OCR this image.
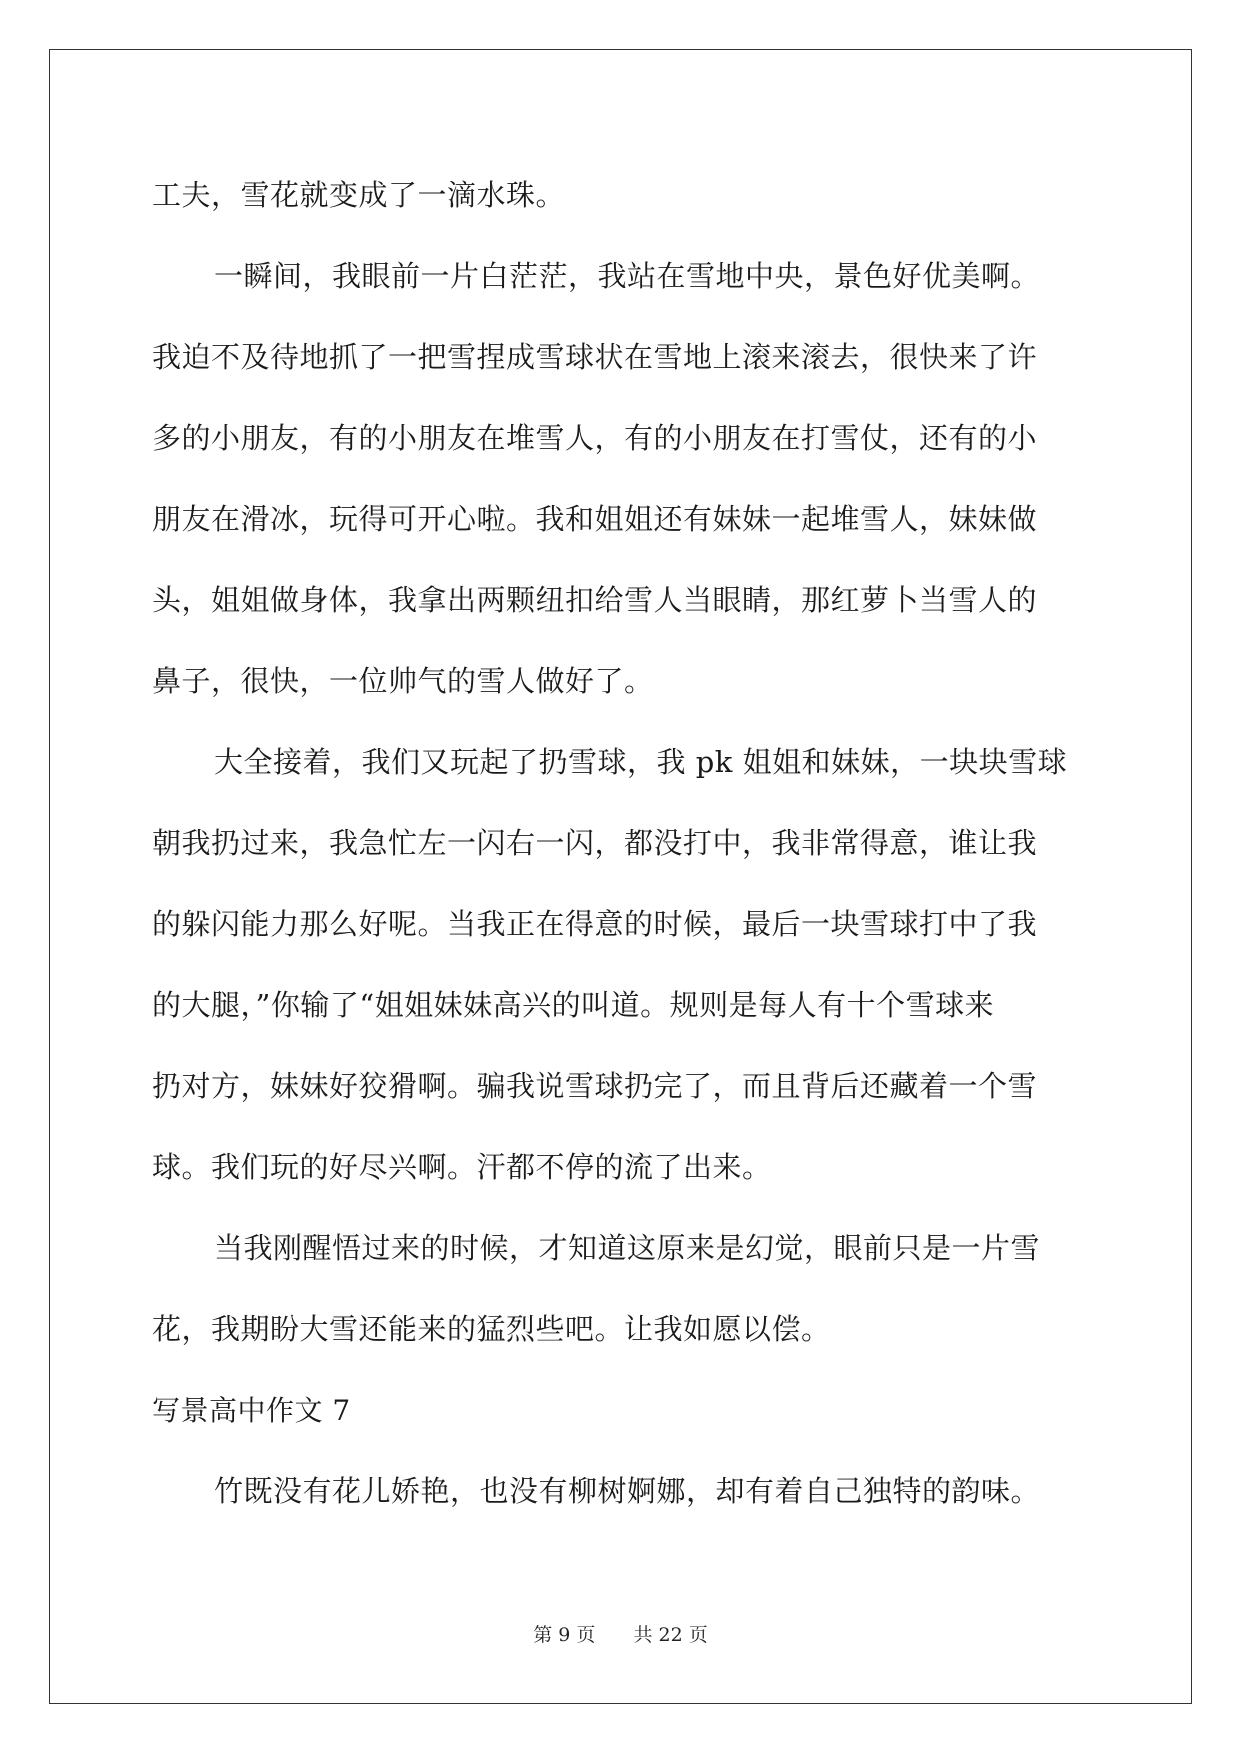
工夫，雪花就变成了一滴水珠。
一瞬间，我眼前一片白茫茫，我站在雪地中央，景色好优美啊。
我迫不及待地抓了一把雪捏成雪球状在雪地上滚来滚去，很快来了许
多的小朋友，有的小朋友在堆雪人，有的小朋友在打雪仗，还有的小
朋友在滑冰，玩得可开心啦。我和姐姐还有妹妹一起堆雪人，妹妹做
头，姐姐做身体，我拿出两颗纽扣给雪人当眼睛，那红萝卜当雪人的
鼻子，很快，一位帅气的雪人做好了。
大全接着，我们又玩起了扔雪球，我 pk 姐姐和妹妹，一块块雪球
朝我扔过来，我急忙左一闪右一闪，都没打中，我非常得意，谁让我
的躲闪能力那么好呢。当我正在得意的时候，最后一块雪球打中了我
的大腿，”你输了“姐姐妹妹高兴的叫道。规则是每人有十个雪球来
扔对方，妹妹好狡猾啊。骗我说雪球扔完了，而且背后还藏着一个雪
球。我们玩的好尽兴啊。汗都不停的流了出来。
当我刚醒悟过来的时候，才知道这原来是幻觉，眼前只是一片雪
花，我期盼大雪还能来的猛烈些吧。让我如愿以偿。
写景高中作文 7
竹既没有花儿娇艳，也没有柳树婀娜，却有着自己独特的韵味。
第 9 页 共 22 页
